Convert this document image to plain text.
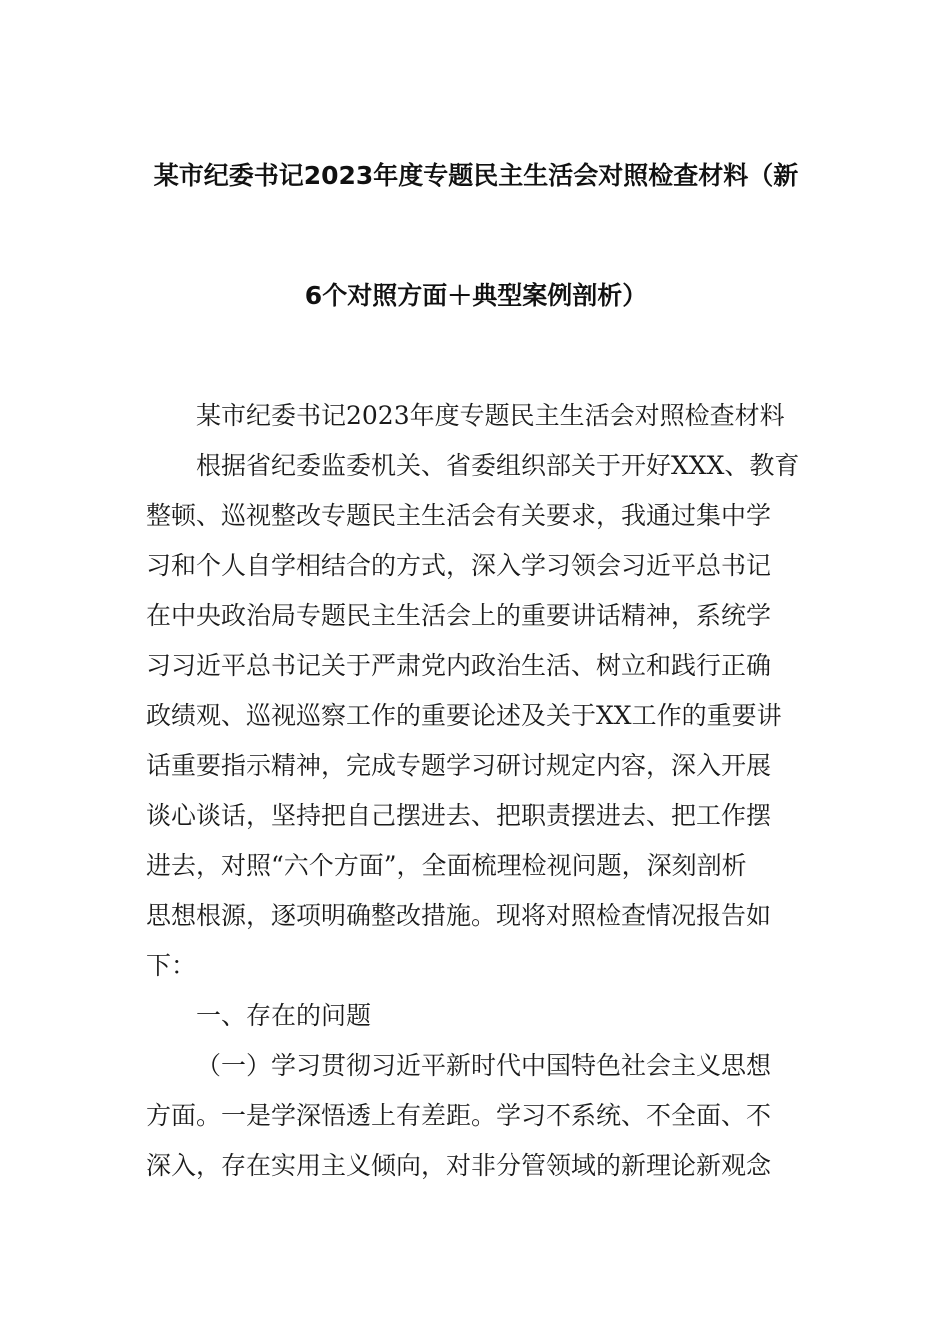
某市纪委书记2023年度专题民主生活会对照检查材料（新
6个对照方面＋典型案例剖析）
某市纪委书记2023年度专题民主生活会对照检查材料
根据省纪委监委机关、省委组织部关于开好XXX、教育
整顿、巡视整改专题民主生活会有关要求，我通过集中学
习和个人自学相结合的方式，深入学习领会习近平总书记
在中央政治局专题民主生活会上的重要讲话精神，系统学
习习近平总书记关于严肃党内政治生活、树立和践行正确
政绩观、巡视巡察工作的重要论述及关于XX工作的重要讲
话重要指示精神，完成专题学习研讨规定内容，深入开展
谈心谈话，坚持把自己摆进去、把职责摆进去、把工作摆
进去，对照“六个方面”，全面梳理检视问题，深刻剖析
思想根源，逐项明确整改措施。现将对照检查情况报告如
下：
一、存在的问题
（一）学习贯彻习近平新时代中国特色社会主义思想
方面。一是学深悟透上有差距。学习不系统、不全面、不
深入，存在实用主义倾向，对非分管领域的新理论新观念
